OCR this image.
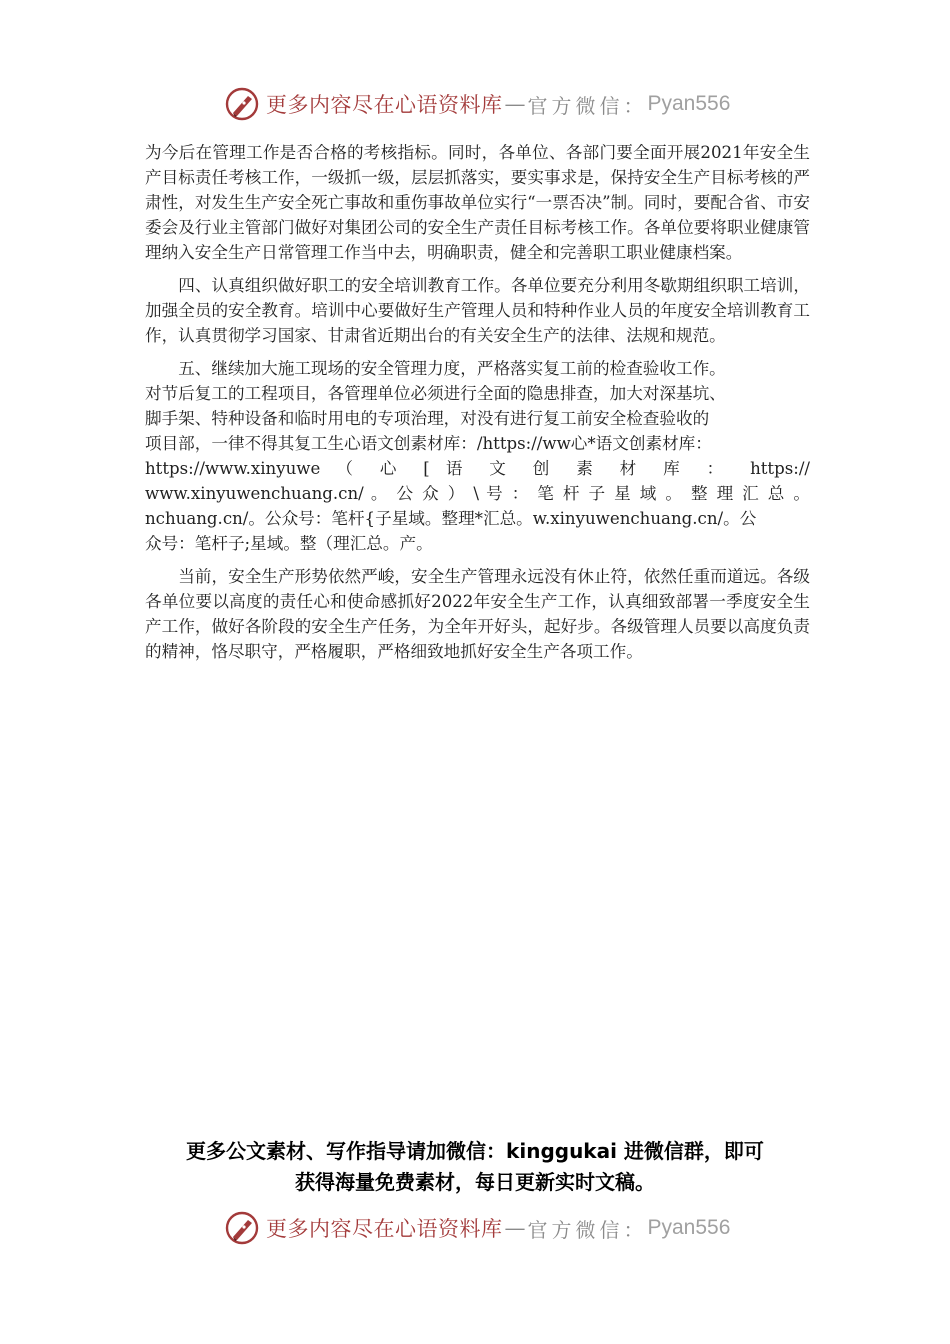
更多内容尽在心语资料库 — 官方微信： Pyan556

为今后在管理工作是否合格的考核指标。同时，各单位、各部门要全面开展2021年安全生产目标责任考核工作，一级抓一级，层层抓落实，要实事求是，保持安全生产目标考核的严肃性，对发生生产安全死亡事故和重伤事故单位实行“一票否决”制。同时，要配合省、市安委会及行业主管部门做好对集团公司的安全生产责任目标考核工作。各单位要将职业健康管理纳入安全生产日常管理工作当中去，明确职责，健全和完善职工职业健康档案。

四、认真组织做好职工的安全培训教育工作。各单位要充分利用冬歇期组织职工培训，加强全员的安全教育。培训中心要做好生产管理人员和特种作业人员的年度安全培训教育工作，认真贯彻学习国家、甘肃省近期出台的有关安全生产的法律、法规和规范。

五、继续加大施工现场的安全管理力度，严格落实复工前的检查验收工作。
对节后复工的工程项目，各管理单位必须进行全面的隐患排查，加大对深基坑、
脚手架、特种设备和临时用电的专项治理，对没有进行复工前安全检查验收的
项目部，一律不得其复工生心语文创素材库：/https://ww心*语文创素材库：
https://www.xinyuwe （ 心 [ 语 文 创 素 材 库 ： https://
www.xinyuwenchuang.cn/ 。 公 众 ） \ 号 ： 笔 杆 子 星 域 。 整 理 汇 总 。
nchuang.cn/。公众号：笔杆{子星域。整理*汇总。w.xinyuwenchuang.cn/。公
众号：笔杆子;星域。整（理汇总。产。

当前，安全生产形势依然严峻，安全生产管理永远没有休止符，依然任重而道远。各级各单位要以高度的责任心和使命感抓好2022年安全生产工作，认真细致部署一季度安全生产工作，做好各阶段的安全生产任务，为全年开好头，起好步。各级管理人员要以高度负责的精神，恪尽职守，严格履职，严格细致地抓好安全生产各项工作。

更多公文素材、写作指导请加微信：kinggukai 进微信群，即可
获得海量免费素材，每日更新实时文稿。
更多内容尽在心语资料库 — 官方微信： Pyan556
